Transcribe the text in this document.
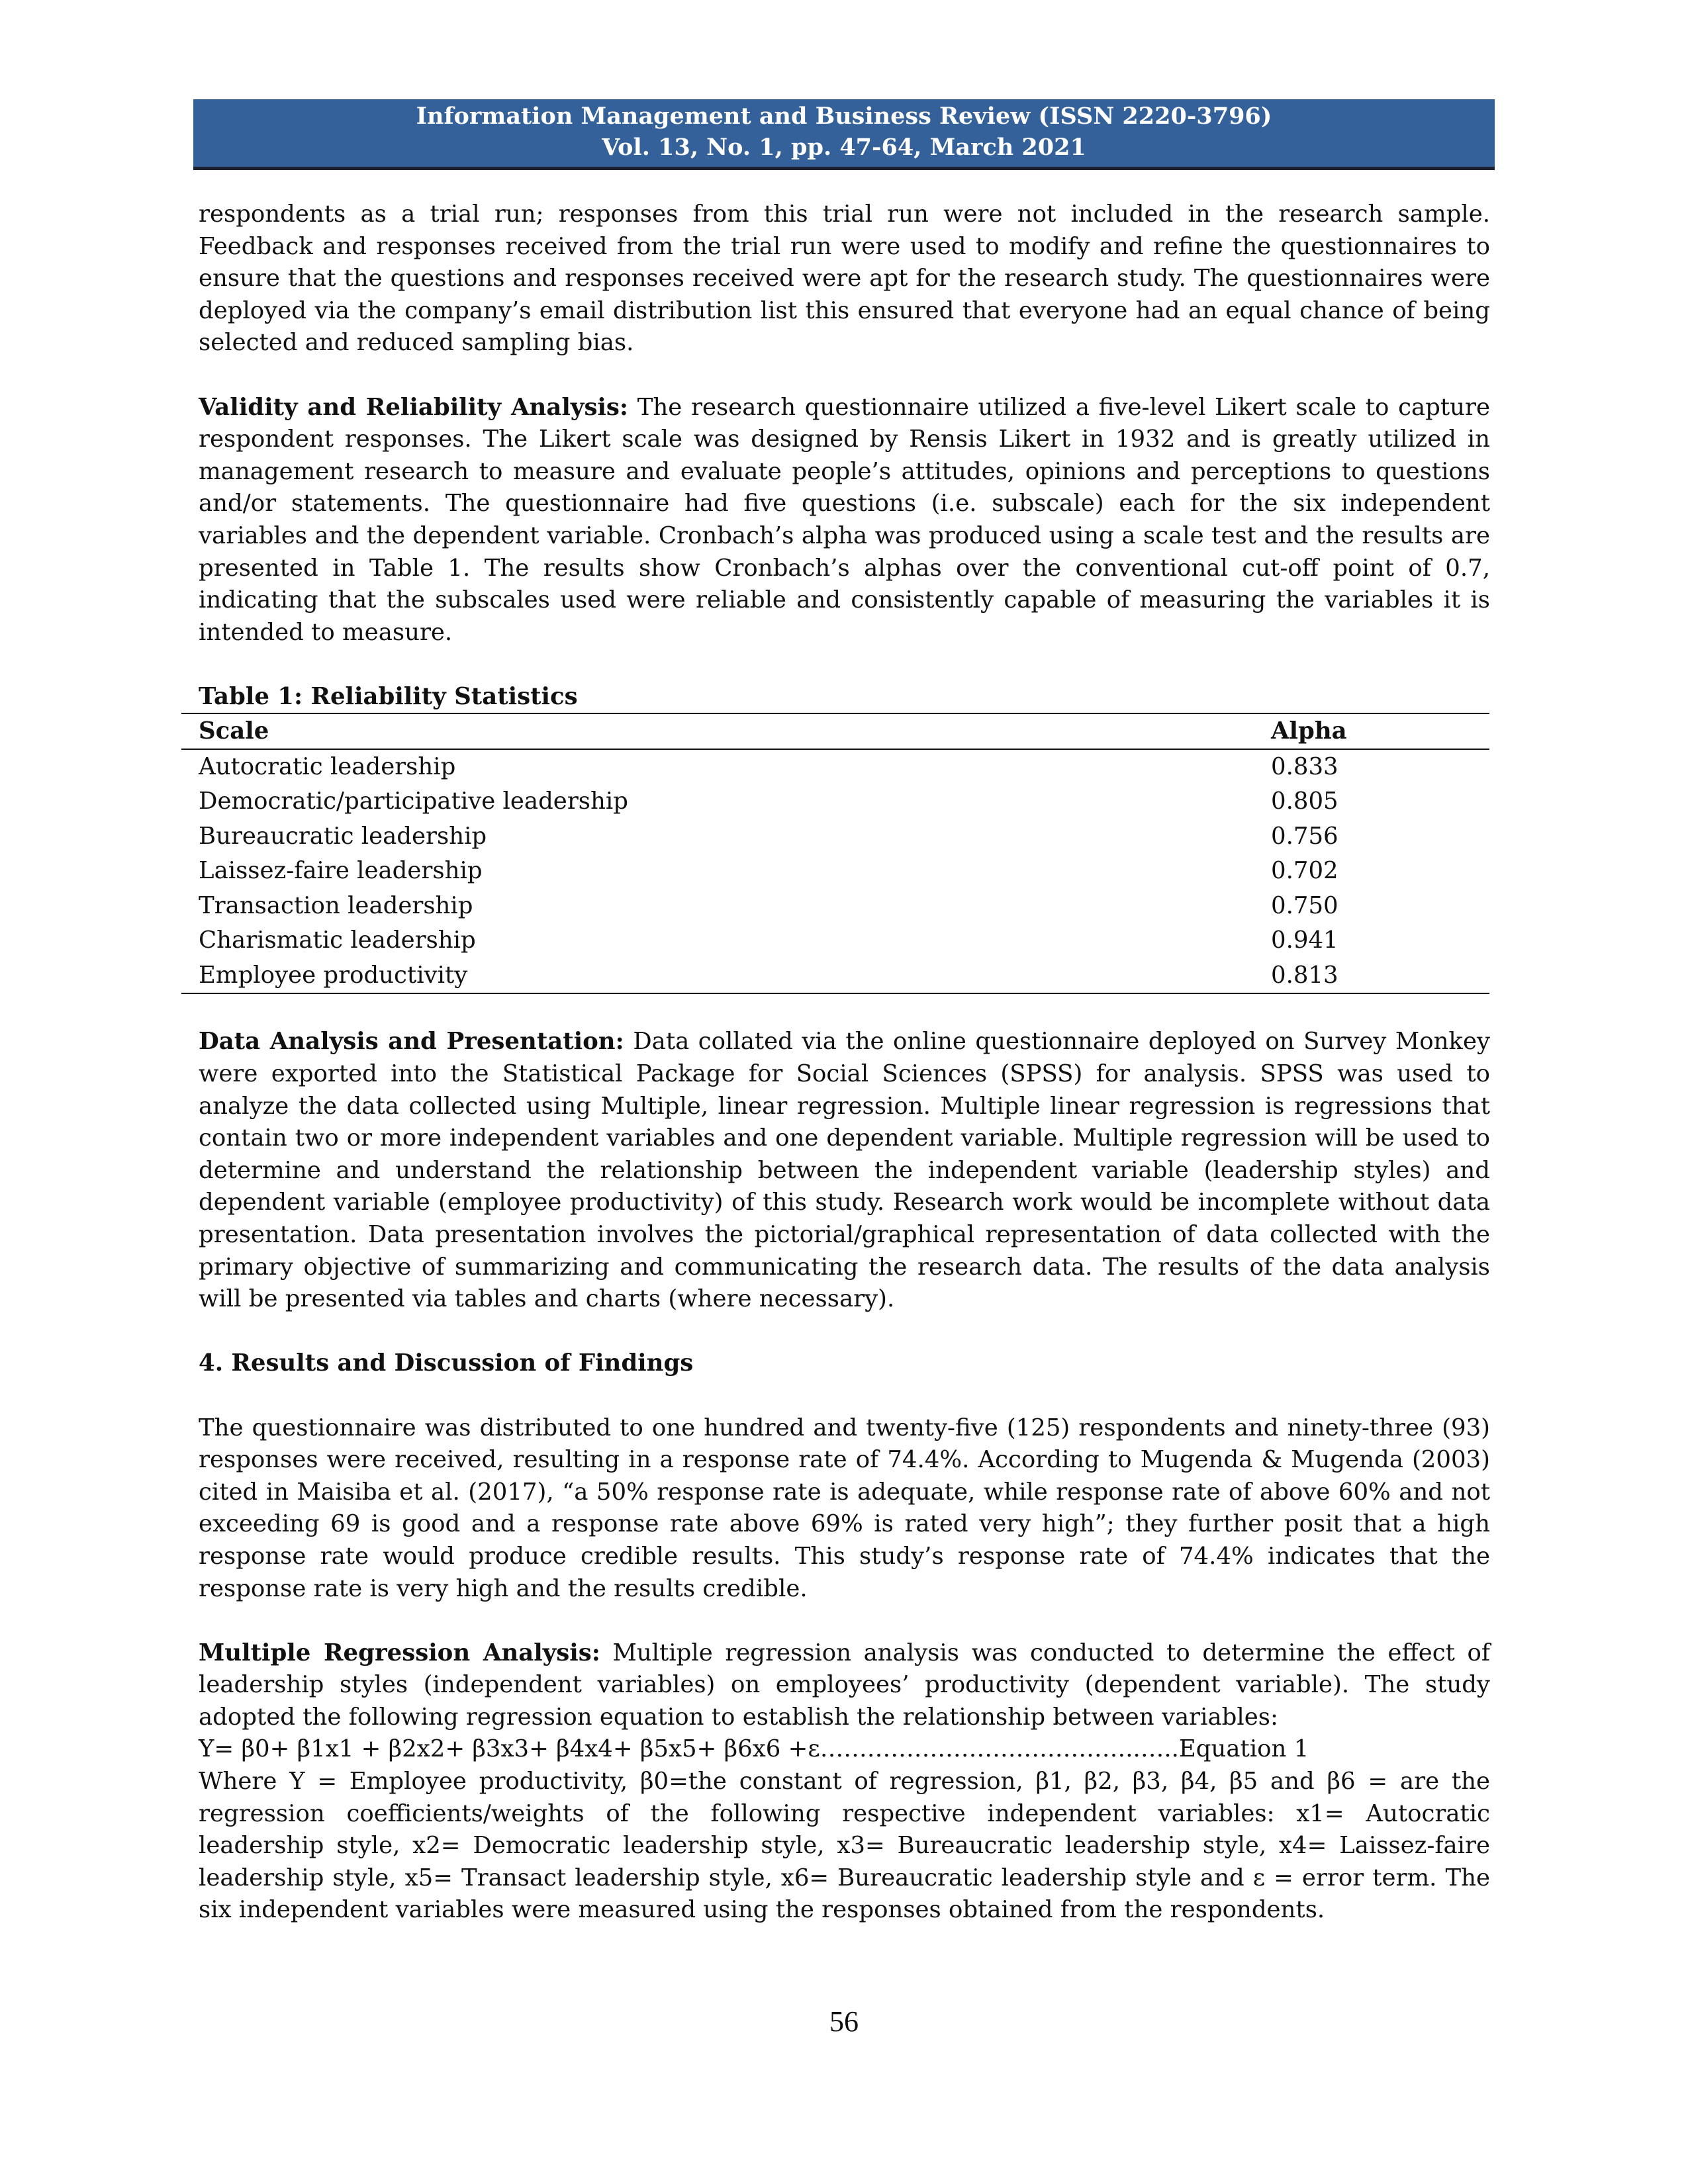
Information Management and Business Review (ISSN 2220-3796)
Vol. 13, No. 1, pp. 47-64, March 2021

respondents as a trial run; responses from this trial run were not included in the research sample. Feedback and responses received from the trial run were used to modify and refine the questionnaires to ensure that the questions and responses received were apt for the research study. The questionnaires were deployed via the company’s email distribution list this ensured that everyone had an equal chance of being selected and reduced sampling bias.

Validity and Reliability Analysis: The research questionnaire utilized a five-level Likert scale to capture respondent responses. The Likert scale was designed by Rensis Likert in 1932 and is greatly utilized in management research to measure and evaluate people’s attitudes, opinions and perceptions to questions and/or statements. The questionnaire had five questions (i.e. subscale) each for the six independent variables and the dependent variable. Cronbach’s alpha was produced using a scale test and the results are presented in Table 1. The results show Cronbach’s alphas over the conventional cut-off point of 0.7, indicating that the subscales used were reliable and consistently capable of measuring the variables it is intended to measure.

Table 1: Reliability Statistics

Scale	Alpha
Autocratic leadership	0.833
Democratic/participative leadership	0.805
Bureaucratic leadership	0.756
Laissez-faire leadership	0.702
Transaction leadership	0.750
Charismatic leadership	0.941
Employee productivity	0.813

Data Analysis and Presentation: Data collated via the online questionnaire deployed on Survey Monkey were exported into the Statistical Package for Social Sciences (SPSS) for analysis. SPSS was used to analyze the data collected using Multiple, linear regression. Multiple linear regression is regressions that contain two or more independent variables and one dependent variable. Multiple regression will be used to determine and understand the relationship between the independent variable (leadership styles) and dependent variable (employee productivity) of this study. Research work would be incomplete without data presentation. Data presentation involves the pictorial/graphical representation of data collected with the primary objective of summarizing and communicating the research data. The results of the data analysis will be presented via tables and charts (where necessary).

4. Results and Discussion of Findings

The questionnaire was distributed to one hundred and twenty-five (125) respondents and ninety-three (93) responses were received, resulting in a response rate of 74.4%. According to Mugenda & Mugenda (2003) cited in Maisiba et al. (2017), “a 50% response rate is adequate, while response rate of above 60% and not exceeding 69 is good and a response rate above 69% is rated very high”; they further posit that a high response rate would produce credible results. This study’s response rate of 74.4% indicates that the response rate is very high and the results credible.

Multiple Regression Analysis: Multiple regression analysis was conducted to determine the effect of leadership styles (independent variables) on employees’ productivity (dependent variable). The study adopted the following regression equation to establish the relationship between variables:

Y= β0+ β1x1 + β2x2+ β3x3+ β4x4+ β5x5+ β6x6 +ε…………………………………..…..Equation 1

Where Y = Employee productivity, β0=the constant of regression, β1, β2, β3, β4, β5 and β6 = are the regression coefficients/weights of the following respective independent variables: x1= Autocratic leadership style, x2= Democratic leadership style, x3= Bureaucratic leadership style, x4= Laissez-faire leadership style, x5= Transact leadership style, x6= Bureaucratic leadership style and ε = error term. The six independent variables were measured using the responses obtained from the respondents.

56
